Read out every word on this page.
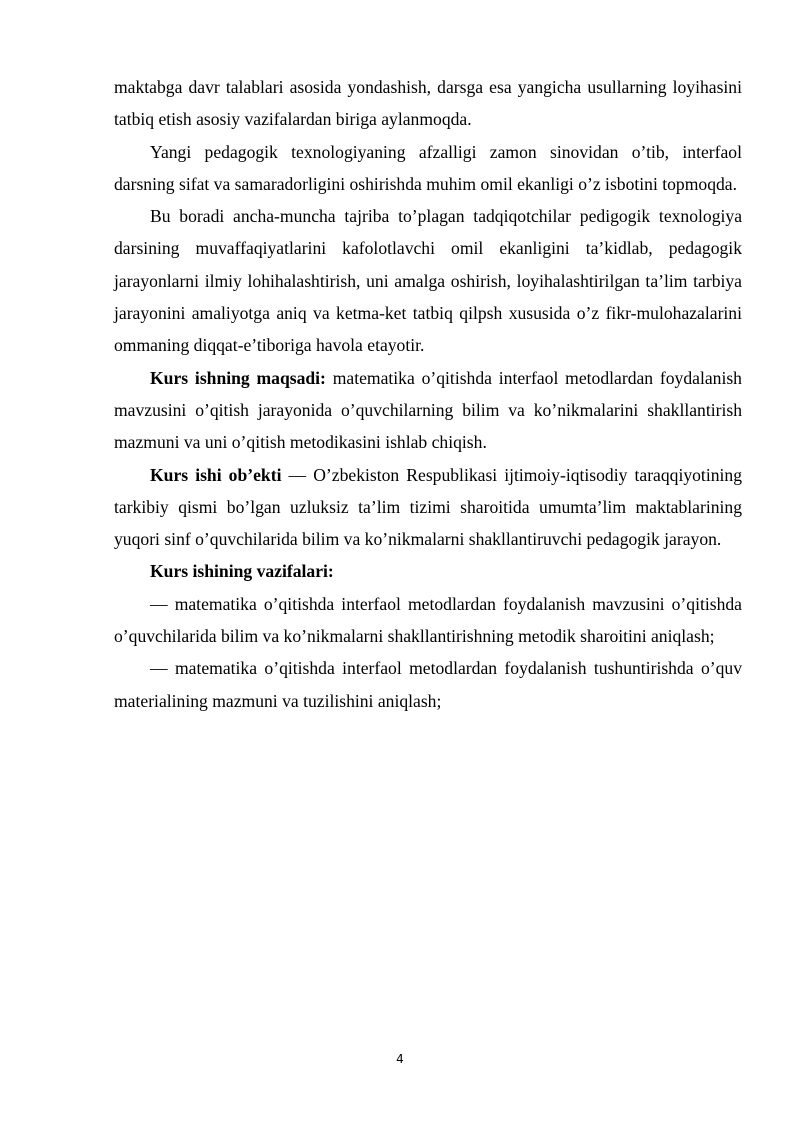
maktabga davr talablari asosida yondashish, darsga esa yangicha usullarning loyihasini tatbiq etish asosiy vazifalardan biriga aylanmoqda.

Yangi pedagogik texnologiyaning afzalligi zamon sinovidan o’tib, interfaol darsning sifat va samaradorligini oshirishda muhim omil ekanligi o’z isbotini topmoqda.

Bu boradi ancha-muncha tajriba to’plagan tadqiqotchilar pedigogik texnologiya darsining muvaffaqiyatlarini kafolotlavchi omil ekanligini ta’kidlab, pedagogik jarayonlarni ilmiy lohihalashtirish, uni amalga oshirish, loyihalashtirilgan ta’lim tarbiya jarayonini amaliyotga aniq va ketma-ket tatbiq qilpsh xususida o’z fikr-mulohazalarini ommaning diqqat-e’tiboriga havola etayotir.

Kurs ishning maqsadi: matematika o’qitishda interfaol metodlardan foydalanish mavzusini o’qitish jarayonida o’quvchilarning bilim va ko’nikmalarini shakllantirish mazmuni va uni o’qitish metodikasini ishlab chiqish.

Kurs ishi ob’ekti — O’zbekiston Respublikasi ijtimoiy-iqtisodiy taraqqiyotining tarkibiy qismi bo’lgan uzluksiz ta’lim tizimi sharoitida umumta’lim maktablarining yuqori sinf o’quvchilarida bilim va ko’nikmalarni shakllantiruvchi pedagogik jarayon.

Kurs ishining vazifalari:

— matematika o’qitishda interfaol metodlardan foydalanish mavzusini o’qitishda o’quvchilarida bilim va ko’nikmalarni shakllantirishning metodik sharoitini aniqlash;

— matematika o’qitishda interfaol metodlardan foydalanish tushuntirishda o’quv materialining mazmuni va tuzilishini aniqlash;

4
